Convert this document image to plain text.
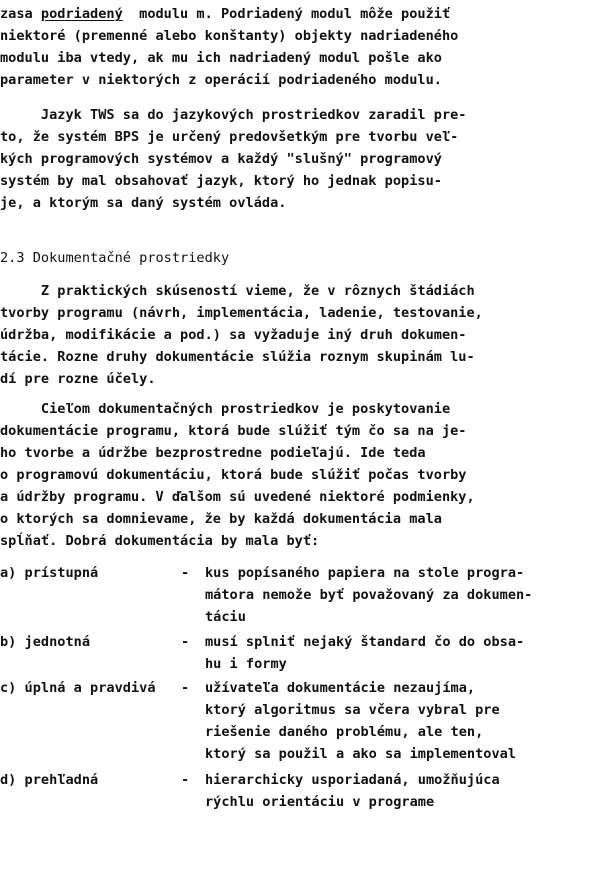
zasa podriadený  modulu m. Podriadený modul môže použiť
niektoré (premenné alebo konštanty) objekty nadriadeného
modulu iba vtedy, ak mu ich nadriadený modul pošle ako
parameter v niektorých z operácií podriadeného modulu.
Jazyk TWS sa do jazykových prostriedkov zaradil pre-
to, že systém BPS je určený predovšetkým pre tvorbu veľ-
kých programových systémov a každý "slušný" programový
systém by mal obsahovať jazyk, ktorý ho jednak popisu-
je, a ktorým sa daný systém ovláda.
2.3 Dokumentačné prostriedky
Z praktických skúseností vieme, že v rôznych štádiách
tvorby programu (návrh, implementácia, ladenie, testovanie,
údržba, modifikácie a pod.) sa vyžaduje iný druh dokumen-
tácie. Rozne druhy dokumentácie slúžia roznym skupinám lu-
dí pre rozne účely.
Cieľom dokumentačných prostriedkov je poskytovanie
dokumentácie programu, ktorá bude slúžiť tým čo sa na je-
ho tvorbe a údržbe bezprostredne podieľajú. Ide teda
o programovú dokumentáciu, ktorá bude slúžiť počas tvorby
a údržby programu. V ďalšom sú uvedené niektoré podmienky,
o ktorých sa domnievame, že by každá dokumentácia mala
spĺňať. Dobrá dokumentácia by mala byť:
a) prístupná	- kus popísaného papiera na stole progra-
mátora nemože byť považovaný za dokumen-
táciu
b) jednotná	- musí splniť nejaký štandard čo do obsa-
hu i formy
c) úplná a pravdivá - užívateľa dokumentácie nezaujíma,
ktorý algoritmus sa včera vybral pre
riešenie daného problému, ale ten,
ktorý sa použil a ako sa implementoval
d) prehľadná	- hierarchicky usporiadaná, umožňujúca
rýchlu orientáciu v programe
